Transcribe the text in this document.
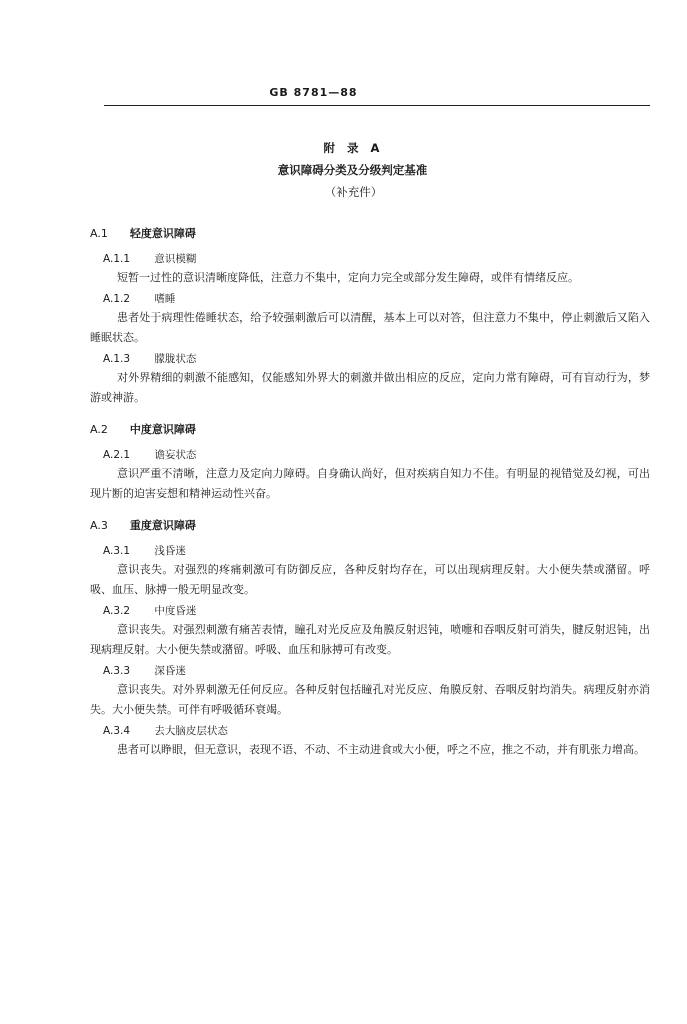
GB 8781—88
附 录 A
意识障碍分类及分级判定基准
（补充件）
A.1 轻度意识障碍
A.1.1 意识模糊
短暂一过性的意识清晰度降低，注意力不集中，定向力完全或部分发生障碍，或伴有情绪反应。
A.1.2 嗜睡
患者处于病理性倦睡状态，给予较强刺激后可以清醒，基本上可以对答，但注意力不集中，停止刺激后又陷入睡眠状态。
A.1.3 朦胧状态
对外界精细的刺激不能感知，仅能感知外界大的刺激并做出相应的反应，定向力常有障碍，可有盲动行为，梦游或神游。
A.2 中度意识障碍
A.2.1 谵妄状态
意识严重不清晰，注意力及定向力障碍。自身确认尚好，但对疾病自知力不佳。有明显的视错觉及幻视，可出现片断的迫害妄想和精神运动性兴奋。
A.3 重度意识障碍
A.3.1 浅昏迷
意识丧失。对强烈的疼痛刺激可有防御反应，各种反射均存在，可以出现病理反射。大小便失禁或潴留。呼吸、血压、脉搏一般无明显改变。
A.3.2 中度昏迷
意识丧失。对强烈刺激有痛苦表情，瞳孔对光反应及角膜反射迟钝，喷嚏和吞咽反射可消失，腱反射迟钝，出现病理反射。大小便失禁或潴留。呼吸、血压和脉搏可有改变。
A.3.3 深昏迷
意识丧失。对外界刺激无任何反应。各种反射包括瞳孔对光反应、角膜反射、吞咽反射均消失。病理反射亦消失。大小便失禁。可伴有呼吸循环衰竭。
A.3.4 去大脑皮层状态
患者可以睁眼，但无意识，表现不语、不动、不主动进食或大小便，呼之不应，推之不动，并有肌张力增高。
